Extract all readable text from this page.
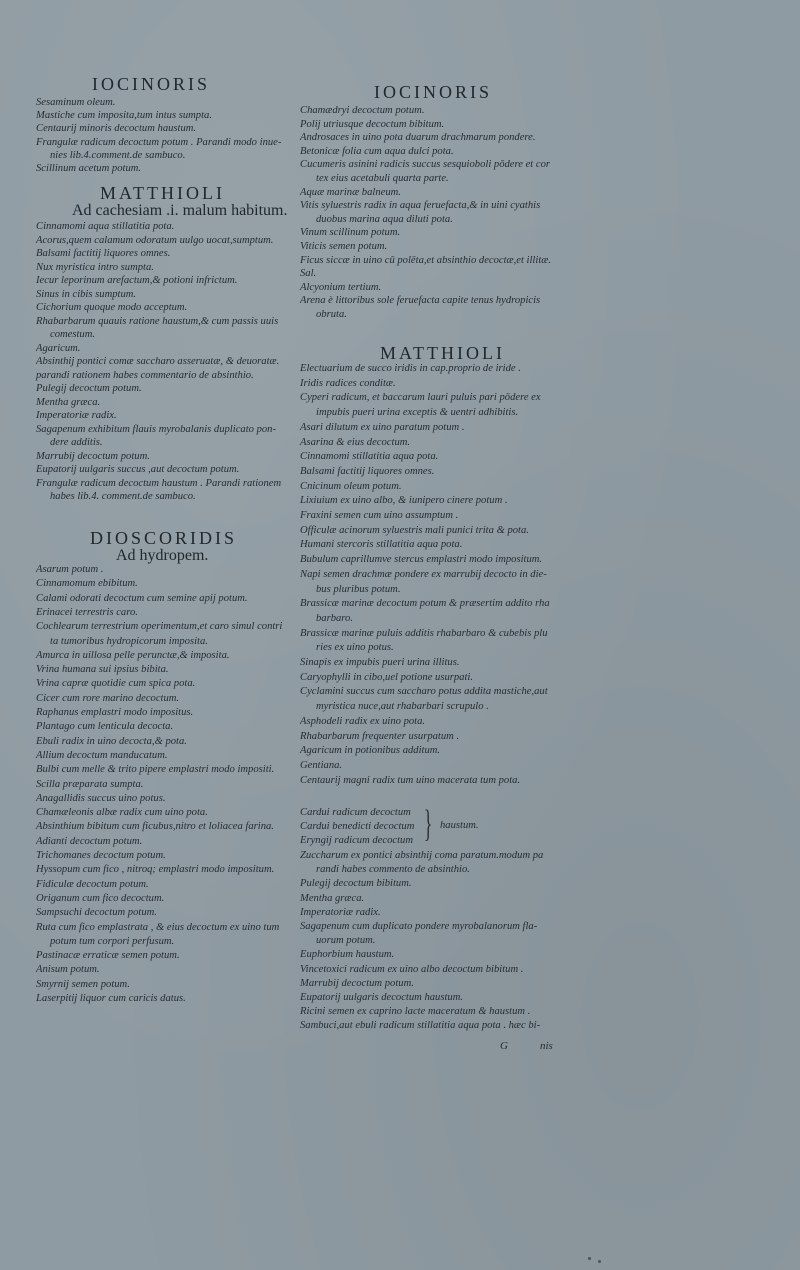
IOCINORIS
Sesaminum oleum.
Mastiche cum imposita,tum intus sumpta.
Centaurij minoris decoctum haustum.
Frangulæ radicum decoctum potum . Parandi modo inue-
nies lib.4.comment.de sambuco.
Scillinum acetum potum.
MATTHIOLI
Ad cachesiam .i. malum habitum.
Cinnamomi aqua stillatitia pota.
Acorus,quem calamum odoratum uulgo uocat,sumptum.
Balsami factitij liquores omnes.
Nux myristica intro sumpta.
Iecur leporinum arefactum,& potioni infrictum.
Sinus in cibis sumptum.
Cichorium quoque modo acceptum.
Rhabarbarum quauis ratione haustum,& cum passis uuis
comestum.
Agaricum.
Absinthij pontici comæ saccharo asseruatæ, & deuoratæ.
parandi rationem habes commentario de absinthio.
Pulegij decoctum potum.
Mentha græca.
Imperatoriæ radix.
Sagapenum exhibitum flauis myrobalanis duplicato pon-
dere additis.
Marrubij decoctum potum.
Eupatorij uulgaris succus ,aut decoctum potum.
Frangulæ radicum decoctum haustum . Parandi rationem
habes lib.4. comment.de sambuco.
DIOSCORIDIS
Ad hydropem.
Asarum potum .
Cinnamomum ebibitum.
Calami odorati decoctum cum semine apij potum.
Erinacei terrestris caro.
Cochlearum terrestrium operimentum,et caro simul contri
ta tumoribus hydropicorum imposita.
Amurca in uillosa pelle perunctæ,& imposita.
Vrina humana sui ipsius bibita.
Vrina capræ quotidie cum spica pota.
Cicer cum rore marino decoctum.
Raphanus emplastri modo impositus.
Plantago cum lenticula decocta.
Ebuli radix in uino decocta,& pota.
Allium decoctum manducatum.
Bulbi cum melle & trito pipere emplastri modo impositi.
Scilla præparata sumpta.
Anagallidis succus uino potus.
Chamæleonis albæ radix cum uino pota.
Absinthium bibitum cum ficubus,nitro et loliacea farina.
Adianti decoctum potum.
Trichomanes decoctum potum.
Hyssopum cum fico , nitroq; emplastri modo impositum.
Fidiculæ decoctum potum.
Origanum cum fico decoctum.
Sampsuchi decoctum potum.
Ruta cum fico emplastrata , & eius decoctum ex uino tum
potum tum corpori perfusum.
Pastinacæ erraticæ semen potum.
Anisum potum.
Smyrnij semen potum.
Laserpitij liquor cum caricis datus.
IOCINORIS
Chamædryi decoctum potum.
Polij utriusque decoctum bibitum.
Androsaces in uino pota duarum drachmarum pondere.
Betonicæ folia cum aqua dulci pota.
Cucumeris asinini radicis succus sesquioboli pōdere et cor
tex eius acetabuli quarta parte.
Aquæ marinæ balneum.
Vitis syluestris radix in aqua feruefacta,& in uini cyathis
duobus marina aqua diluti pota.
Vinum scillinum potum.
Viticis semen potum.
Ficus siccæ in uino cū polēta,et absinthio decoctæ,et illitæ.
Sal.
Alcyonium tertium.
Arena è littoribus sole feruefacta capite tenus hydropicis
obruta.
MATTHIOLI
Electuarium de succo iridis in cap.proprio de iride .
Iridis radices conditæ.
Cyperi radicum, et baccarum lauri puluis pari pōdere ex
impubis pueri urina exceptis & uentri adhibitis.
Asari dilutum ex uino paratum potum .
Asarina & eius decoctum.
Cinnamomi stillatitia aqua pota.
Balsami factitij liquores omnes.
Cnicinum oleum potum.
Lixiuium ex uino albo, & iunipero cinere potum .
Fraxini semen cum uino assumptum .
Officulæ acinorum syluestris mali punici trita & pota.
Humani stercoris stillatitia aqua pota.
Bubulum caprillumve stercus emplastri modo impositum.
Napi semen drachmæ pondere ex marrubij decocto in die-
bus pluribus potum.
Brassicæ marinæ decoctum potum & præsertim addito rha
barbaro.
Brassicæ marinæ puluis additis rhabarbaro & cubebis plu
ries ex uino potus.
Sinapis ex impubis pueri urina illitus.
Caryophylli in cibo,uel potione usurpati.
Cyclamini succus cum saccharo potus addita mastiche,aut
myristica nuce,aut rhabarbari scrupulo .
Asphodeli radix ex uino pota.
Rhabarbarum frequenter usurpatum .
Agaricum in potionibus additum.
Gentiana.
Centaurij magni radix tum uino macerata tum pota.
Cardui radicum decoctum
Cardui benedicti decoctum
Eryngij radicum decoctum } haustum.
Zuccharum ex pontici absinthij coma paratum.modum pa
randi habes commento de absinthio.
Pulegij decoctum bibitum.
Mentha græca.
Imperatoriæ radix.
Sagapenum cum duplicato pondere myrobalanorum fla-
uorum potum.
Euphorbium haustum.
Vincetoxici radicum ex uino albo decoctum bibitum .
Marrubij decoctum potum.
Eupatorij uulgaris decoctum haustum.
Ricini semen ex caprino lacte maceratum & haustum .
Sambuci,aut ebuli radicum stillatitia aqua pota . hæc bi-
G	nis
